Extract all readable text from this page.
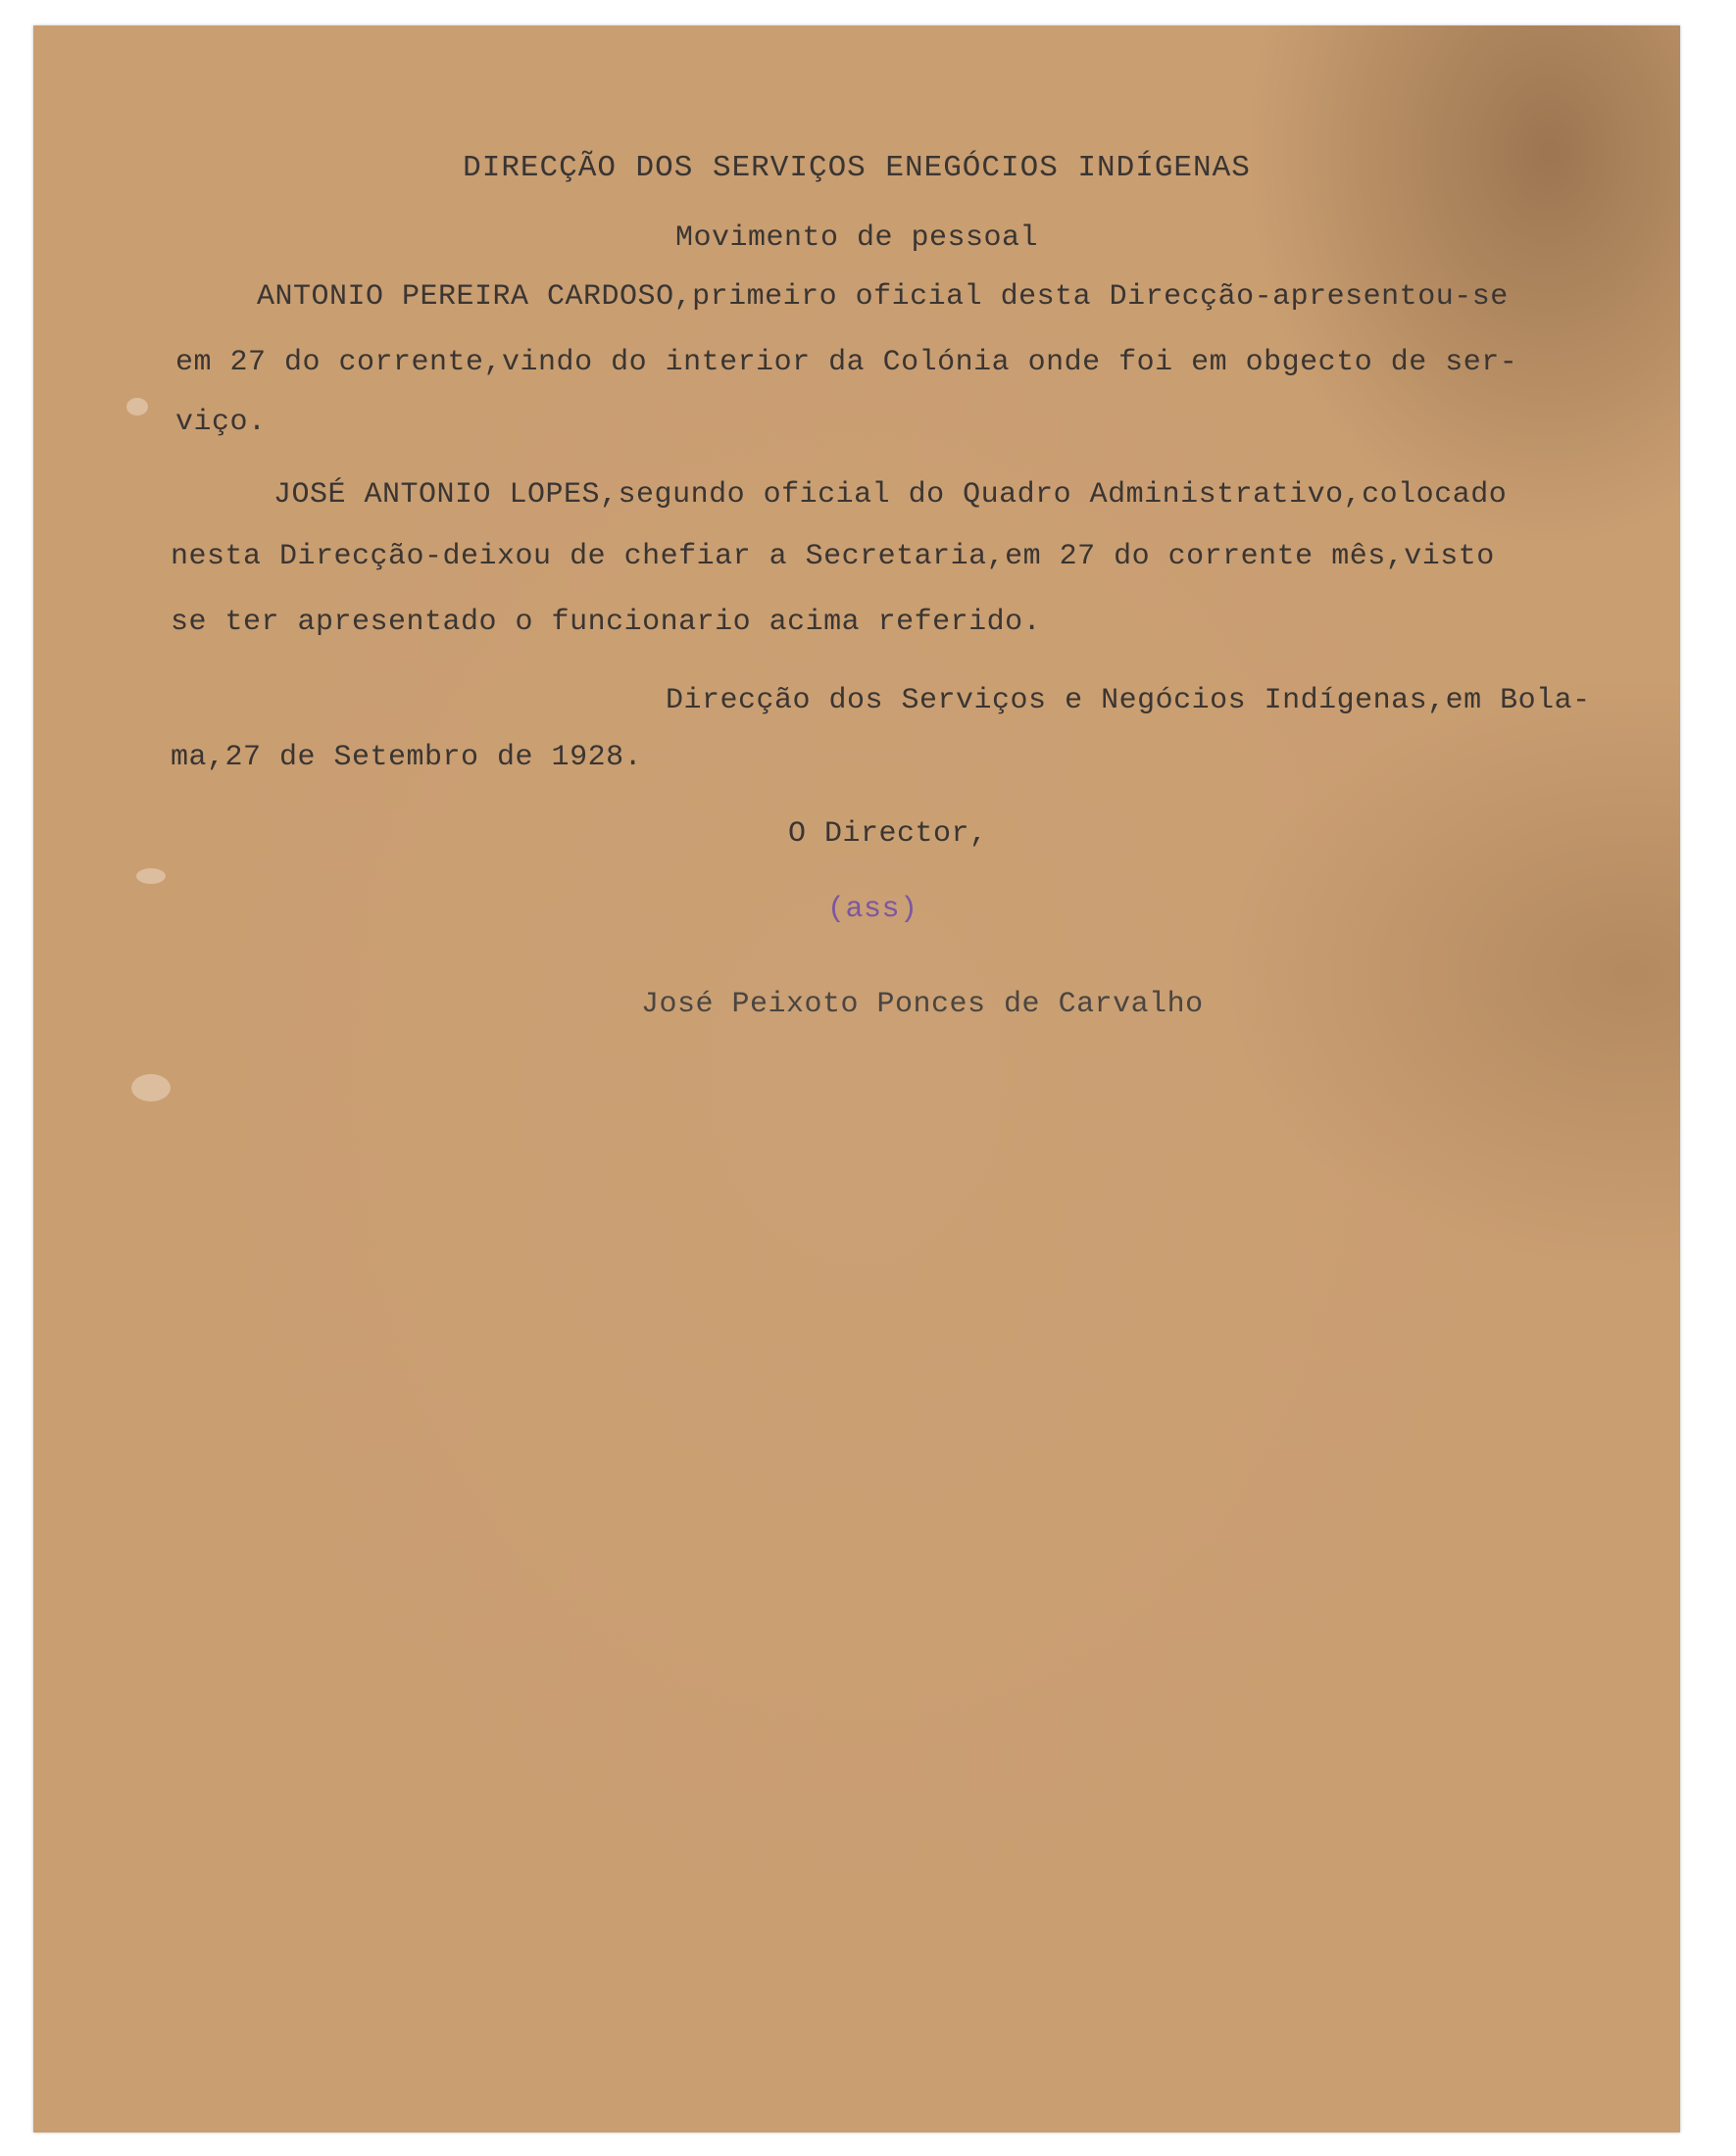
DIRECÇÃO DOS SERVIÇOS ENEGÓCIOS INDÍGENAS
Movimento de pessoal
ANTONIO PEREIRA CARDOSO,primeiro oficial desta Direcção-apresentou-se
em 27 do corrente,vindo do interior da Colónia onde foi em obgecto de ser-
viço.
JOSÉ ANTONIO LOPES,segundo oficial do Quadro Administrativo,colocado
nesta Direcção-deixou de chefiar a Secretaria,em 27 do corrente mês,visto
se ter apresentado o funcionario acima referido.
Direcção dos Serviços e Negócios Indígenas,em Bola-
ma,27 de Setembro de 1928.
O Director,
(ass)
José Peixoto Ponces de Carvalho
